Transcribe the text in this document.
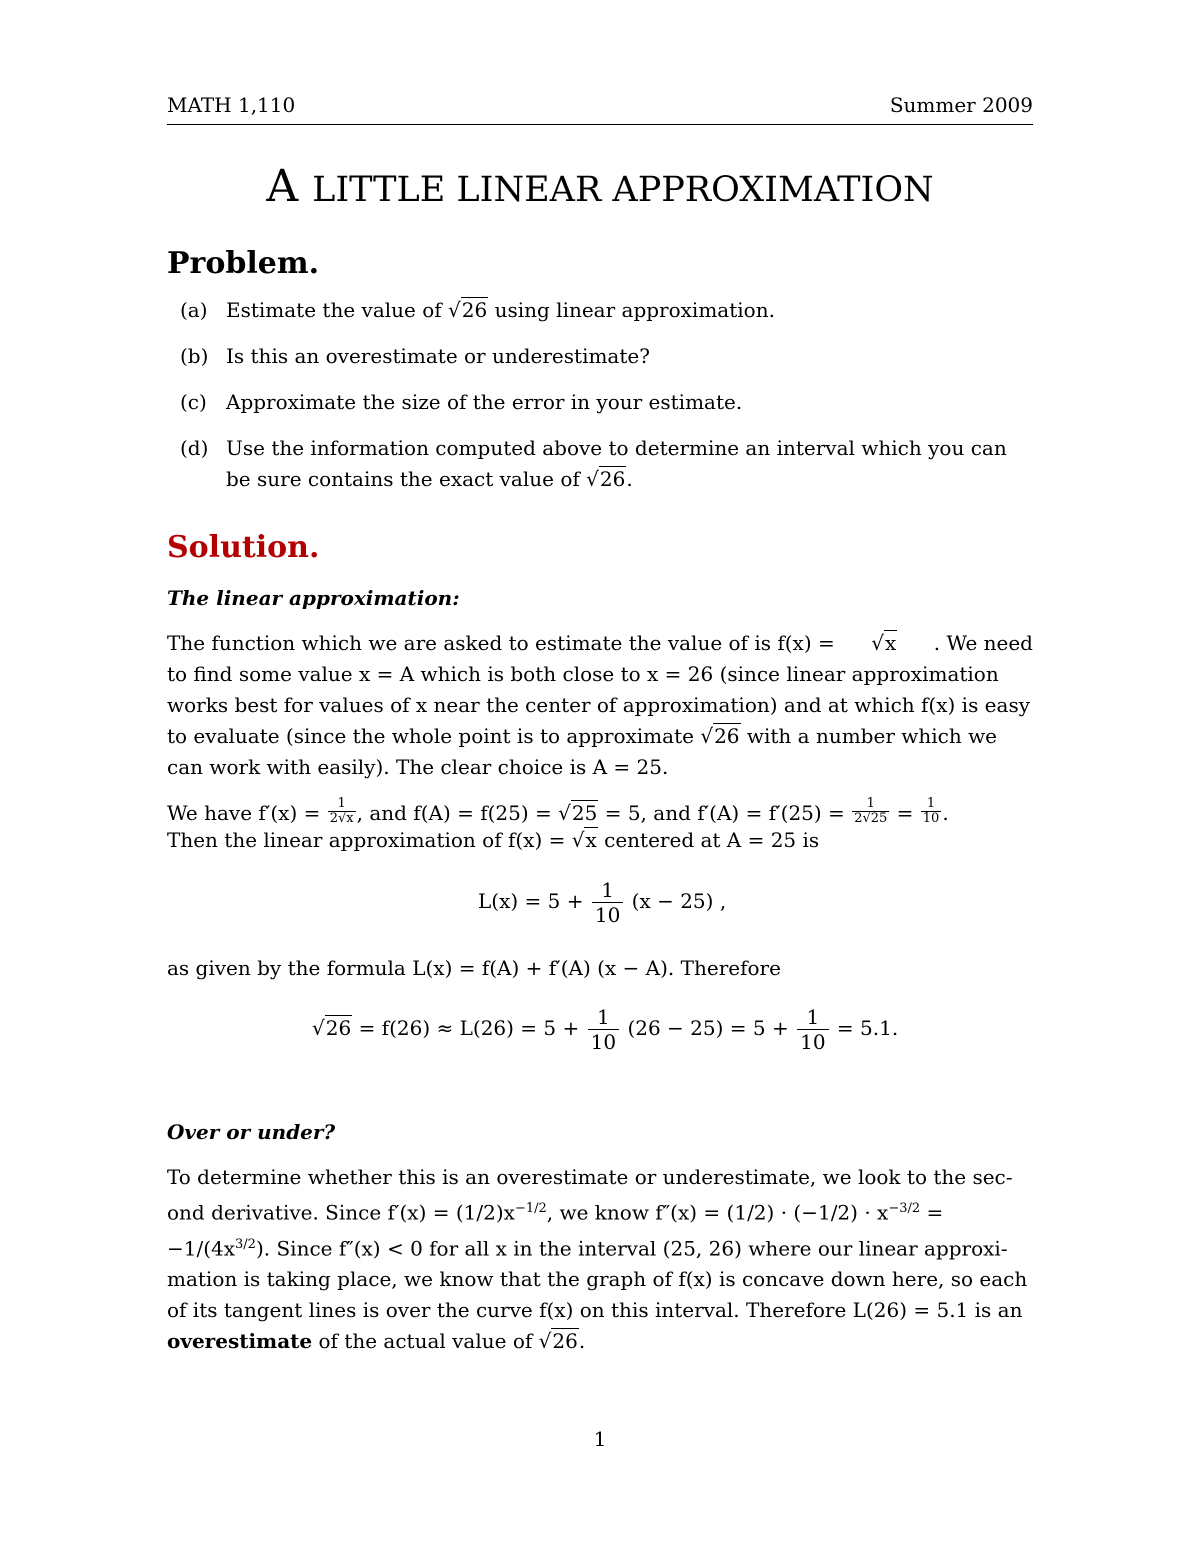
MATH 1,110	Summer 2009
A LITTLE LINEAR APPROXIMATION
Problem.
(a) Estimate the value of √26 using linear approximation.
(b) Is this an overestimate or underestimate?
(c) Approximate the size of the error in your estimate.
(d) Use the information computed above to determine an interval which you can
be sure contains the exact value of √26.
Solution.
The linear approximation:
The function which we are asked to estimate the value of is f(x) = √x . We need
to find some value x = A which is both close to x = 26 (since linear approximation
works best for values of x near the center of approximation) and at which f(x) is easy
to evaluate (since the whole point is to approximate √26 with a number which we
can work with easily). The clear choice is A = 25.
We have $f'(x) = \frac{1}{2√x}$ , and f(A) = f(25) = √25 = 5, and $f'(A) = f'(25) = \frac{1}{2√25} = \frac{1}{10}$ .
Then the linear approximation of f(x) = √x centered at A = 25 is
$L(x) = 5 + \frac{1}{10} (x - 25)$ ,
as given by the formula L(x) = f(A) + f′(A) (x − A). Therefore
$√26 = f(26) \approx L(26) = 5 + \frac{1}{10} (26 - 25) = 5 + \frac{1}{10} = 5.1$.
Over or under?
To determine whether this is an overestimate or underestimate, we look to the sec-
ond derivative. Since $f'(x) = (1/2)x^{-1/2}$, we know $f''(x) = (1/2) \cdot (-1/2) \cdot x^{-3/2}$ =
$-1/(4x^{3/2})$. Since f″(x) < 0 for all x in the interval (25, 26) where our linear approxi-
mation is taking place, we know that the graph of f(x) is concave down here, so each
of its tangent lines is over the curve f(x) on this interval. Therefore L(26) = 5.1 is an
overestimate of the actual value of √26.
1
